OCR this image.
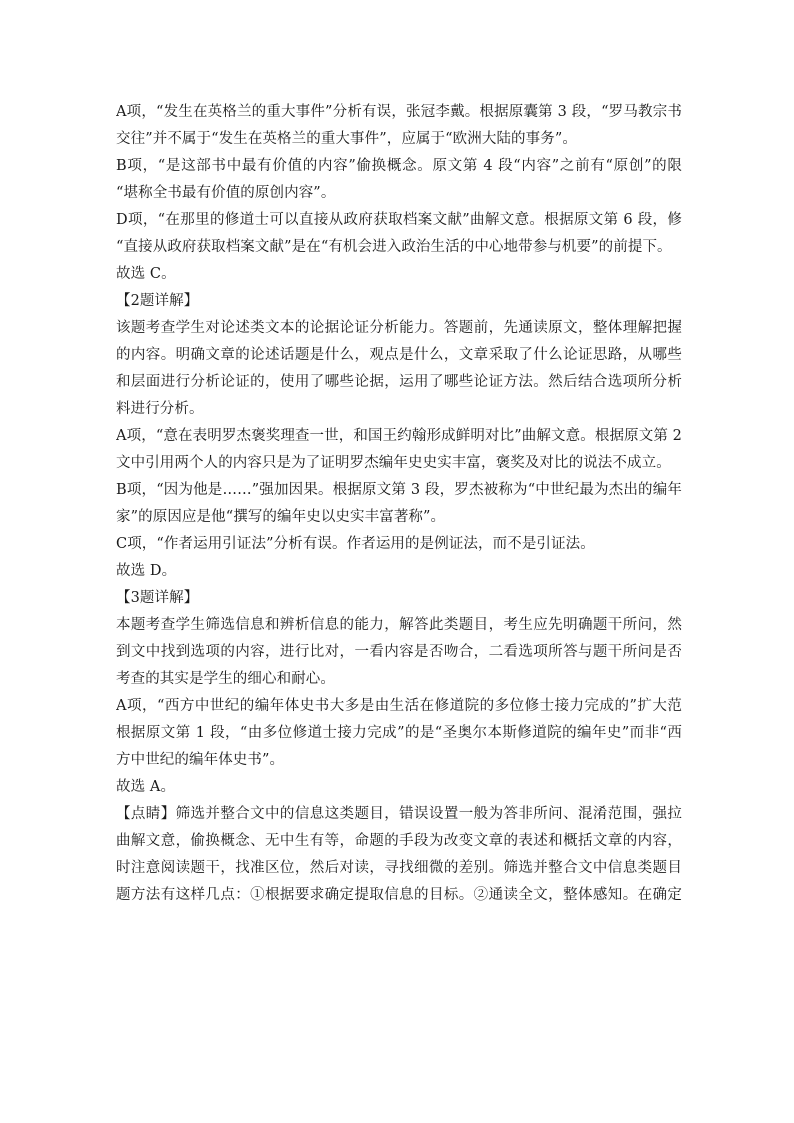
A项，“发生在英格兰的重大事件”分析有误，张冠李戴。根据原囊第 3 段，“罗马教宗书
交往”并不属于“发生在英格兰的重大事件”，应属于“欧洲大陆的事务”。
B项，“是这部书中最有价值的内容”偷换概念。原文第 4 段“内容”之前有“原创”的限
“堪称全书最有价值的原创内容”。
D项，“在那里的修道士可以直接从政府获取档案文献”曲解文意。根据原文第 6 段，修
“直接从政府获取档案文献”是在“有机会进入政治生活的中心地带参与机要”的前提下。
故选 C。
【2题详解】
该题考查学生对论述类文本的论据论证分析能力。答题前，先通读原文，整体理解把握
的内容。明确文章的论述话题是什么，观点是什么，文章采取了什么论证思路，从哪些
和层面进行分析论证的，使用了哪些论据，运用了哪些论证方法。然后结合选项所分析
料进行分析。
A项，“意在表明罗杰褒奖理查一世，和国王约翰形成鲜明对比”曲解文意。根据原文第 2
文中引用两个人的内容只是为了证明罗杰编年史史实丰富，褒奖及对比的说法不成立。
B项，“因为他是……”强加因果。根据原文第 3 段，罗杰被称为“中世纪最为杰出的编年
家”的原因应是他“撰写的编年史以史实丰富著称”。
C项，“作者运用引证法”分析有误。作者运用的是例证法，而不是引证法。
故选 D。
【3题详解】
本题考查学生筛选信息和辨析信息的能力，解答此类题目，考生应先明确题干所问，然
到文中找到选项的内容，进行比对，一看内容是否吻合，二看选项所答与题干所问是否
考查的其实是学生的细心和耐心。
A项，“西方中世纪的编年体史书大多是由生活在修道院的多位修士接力完成的”扩大范
根据原文第 1 段，“由多位修道士接力完成”的是“圣奥尔本斯修道院的编年史”而非“西
方中世纪的编年体史书”。
故选 A。
【点睛】筛选并整合文中的信息这类题目，错误设置一般为答非所问、混淆范围，强拉
曲解文意，偷换概念、无中生有等，命题的手段为改变文章的表述和概括文章的内容，
时注意阅读题干，找准区位，然后对读，寻找细微的差别。筛选并整合文中信息类题目
题方法有这样几点：①根据要求确定提取信息的目标。②通读全文，整体感知。在确定
